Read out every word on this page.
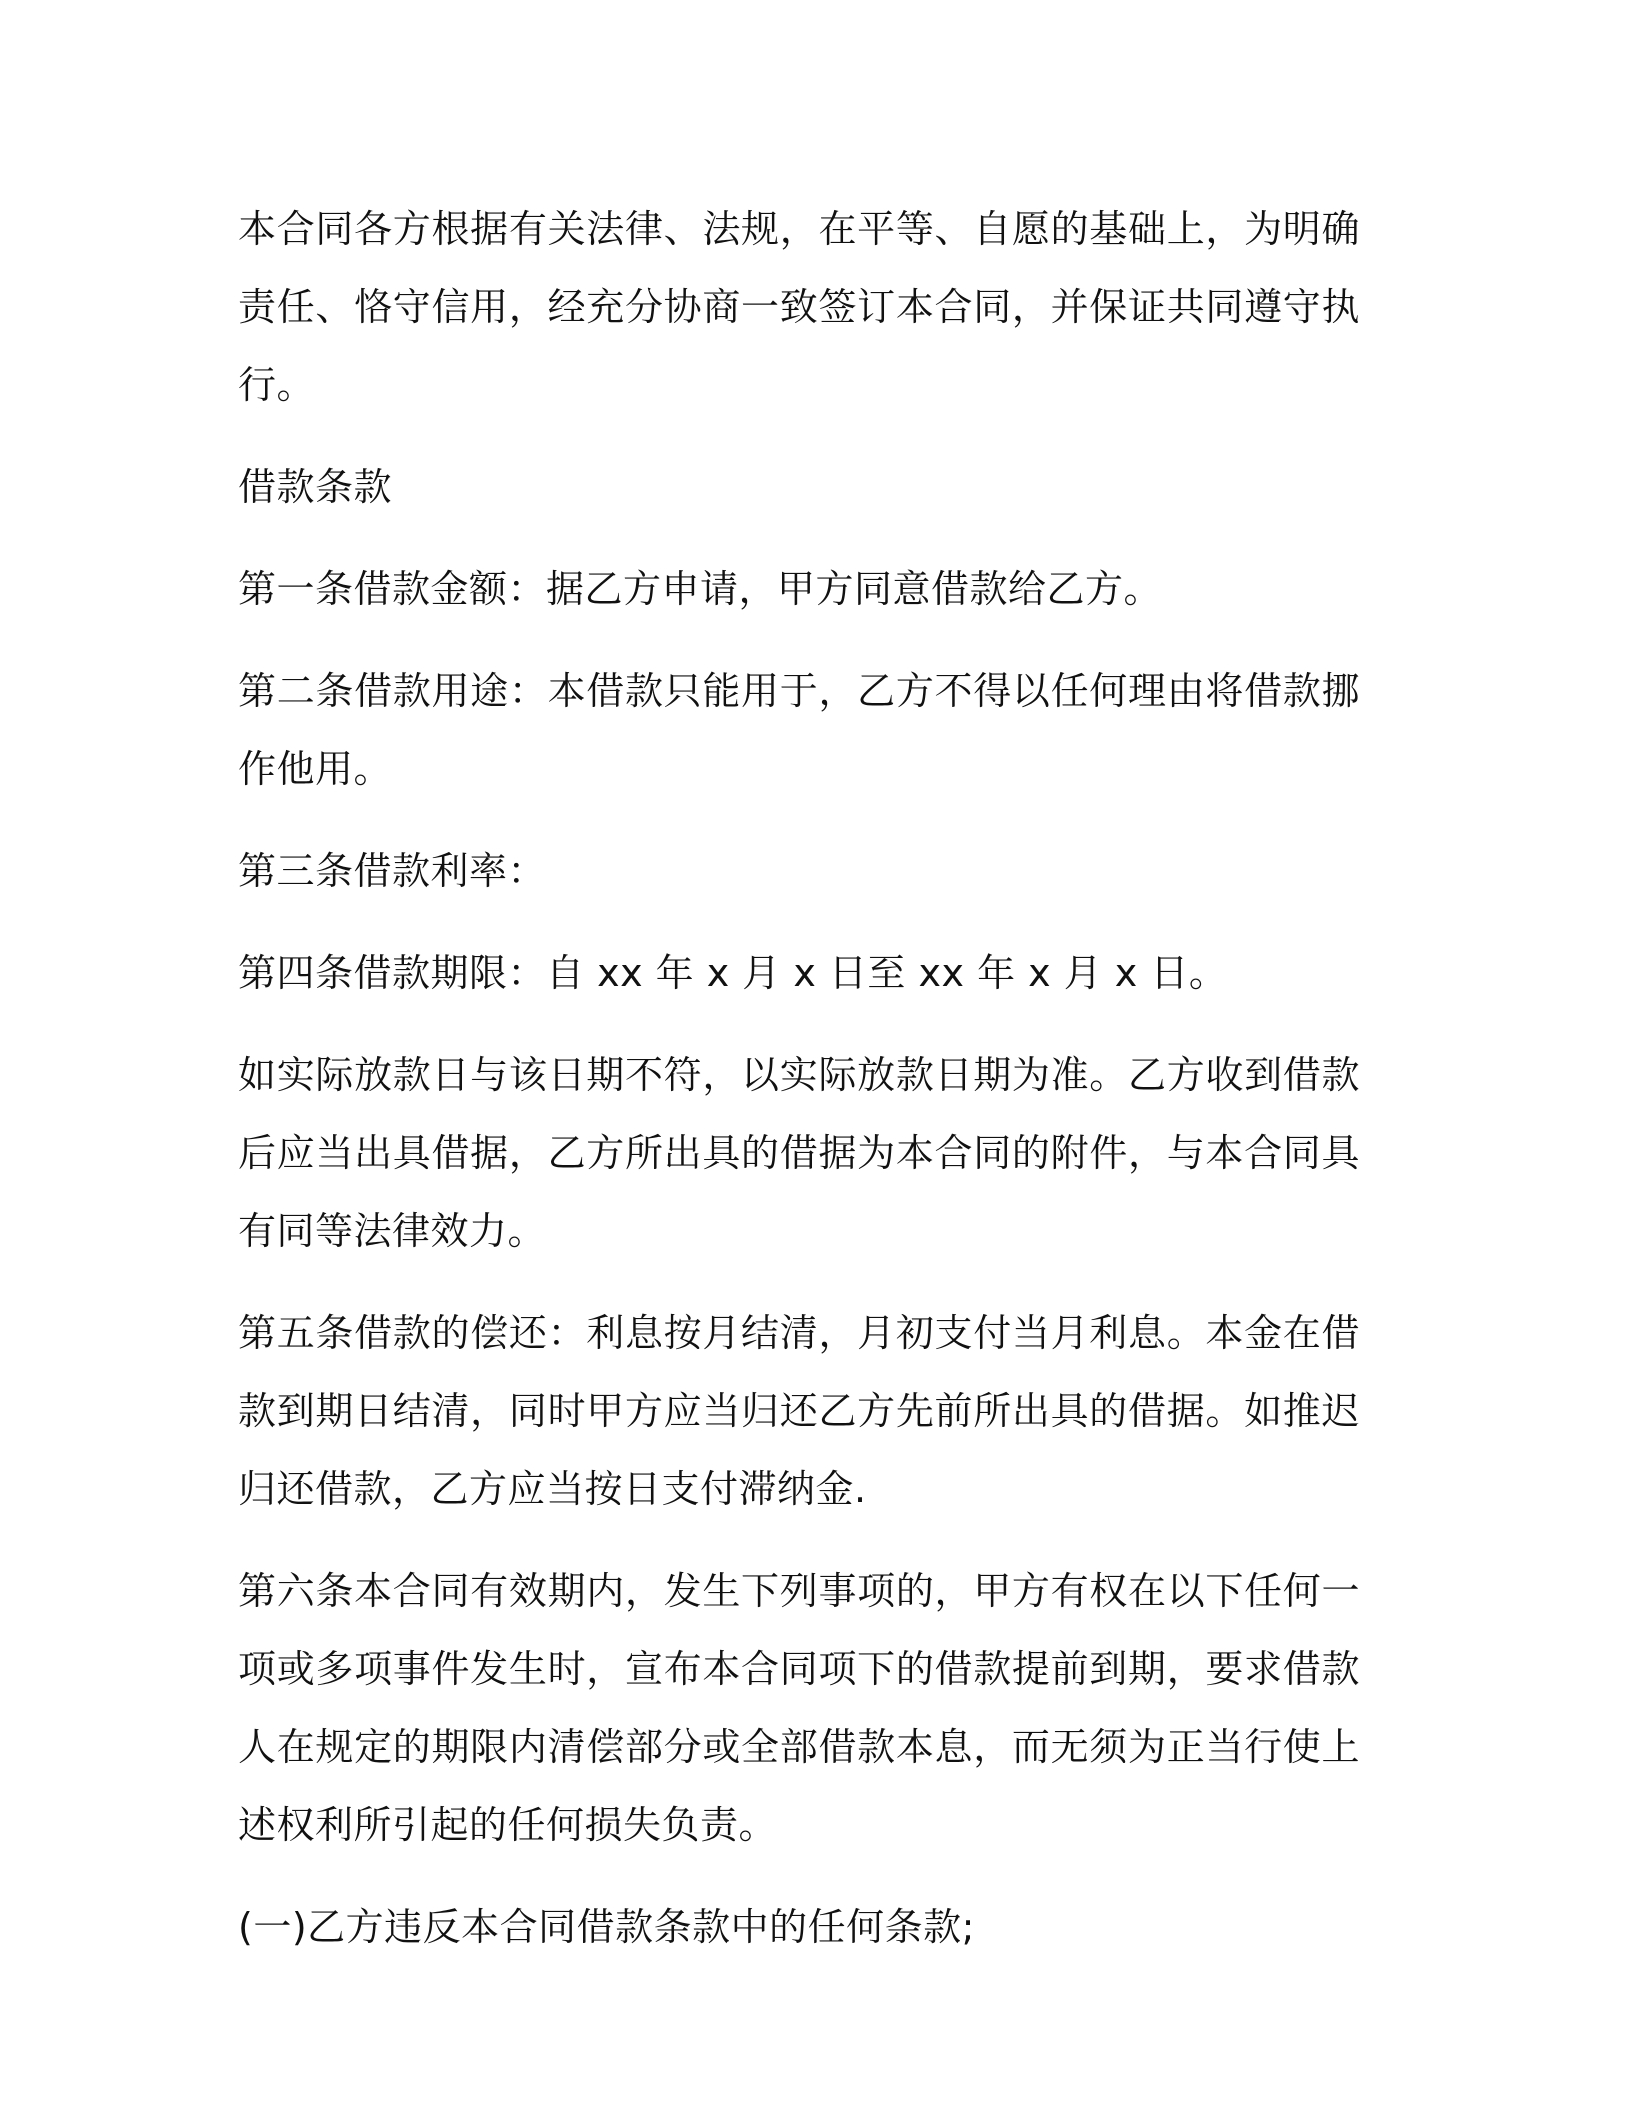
本合同各方根据有关法律、法规，在平等、自愿的基础上，为明确责任、恪守信用，经充分协商一致签订本合同，并保证共同遵守执行。

借款条款

第一条借款金额：据乙方申请，甲方同意借款给乙方。

第二条借款用途：本借款只能用于，乙方不得以任何理由将借款挪作他用。

第三条借款利率：

第四条借款期限：自 xx 年 x 月 x 日至 xx 年 x 月 x 日。

如实际放款日与该日期不符，以实际放款日期为准。乙方收到借款后应当出具借据，乙方所出具的借据为本合同的附件，与本合同具有同等法律效力。

第五条借款的偿还：利息按月结清，月初支付当月利息。本金在借款到期日结清，同时甲方应当归还乙方先前所出具的借据。如推迟归还借款，乙方应当按日支付滞纳金.

第六条本合同有效期内，发生下列事项的，甲方有权在以下任何一项或多项事件发生时，宣布本合同项下的借款提前到期，要求借款人在规定的期限内清偿部分或全部借款本息，而无须为正当行使上述权利所引起的任何损失负责。

(一)乙方违反本合同借款条款中的任何条款;
